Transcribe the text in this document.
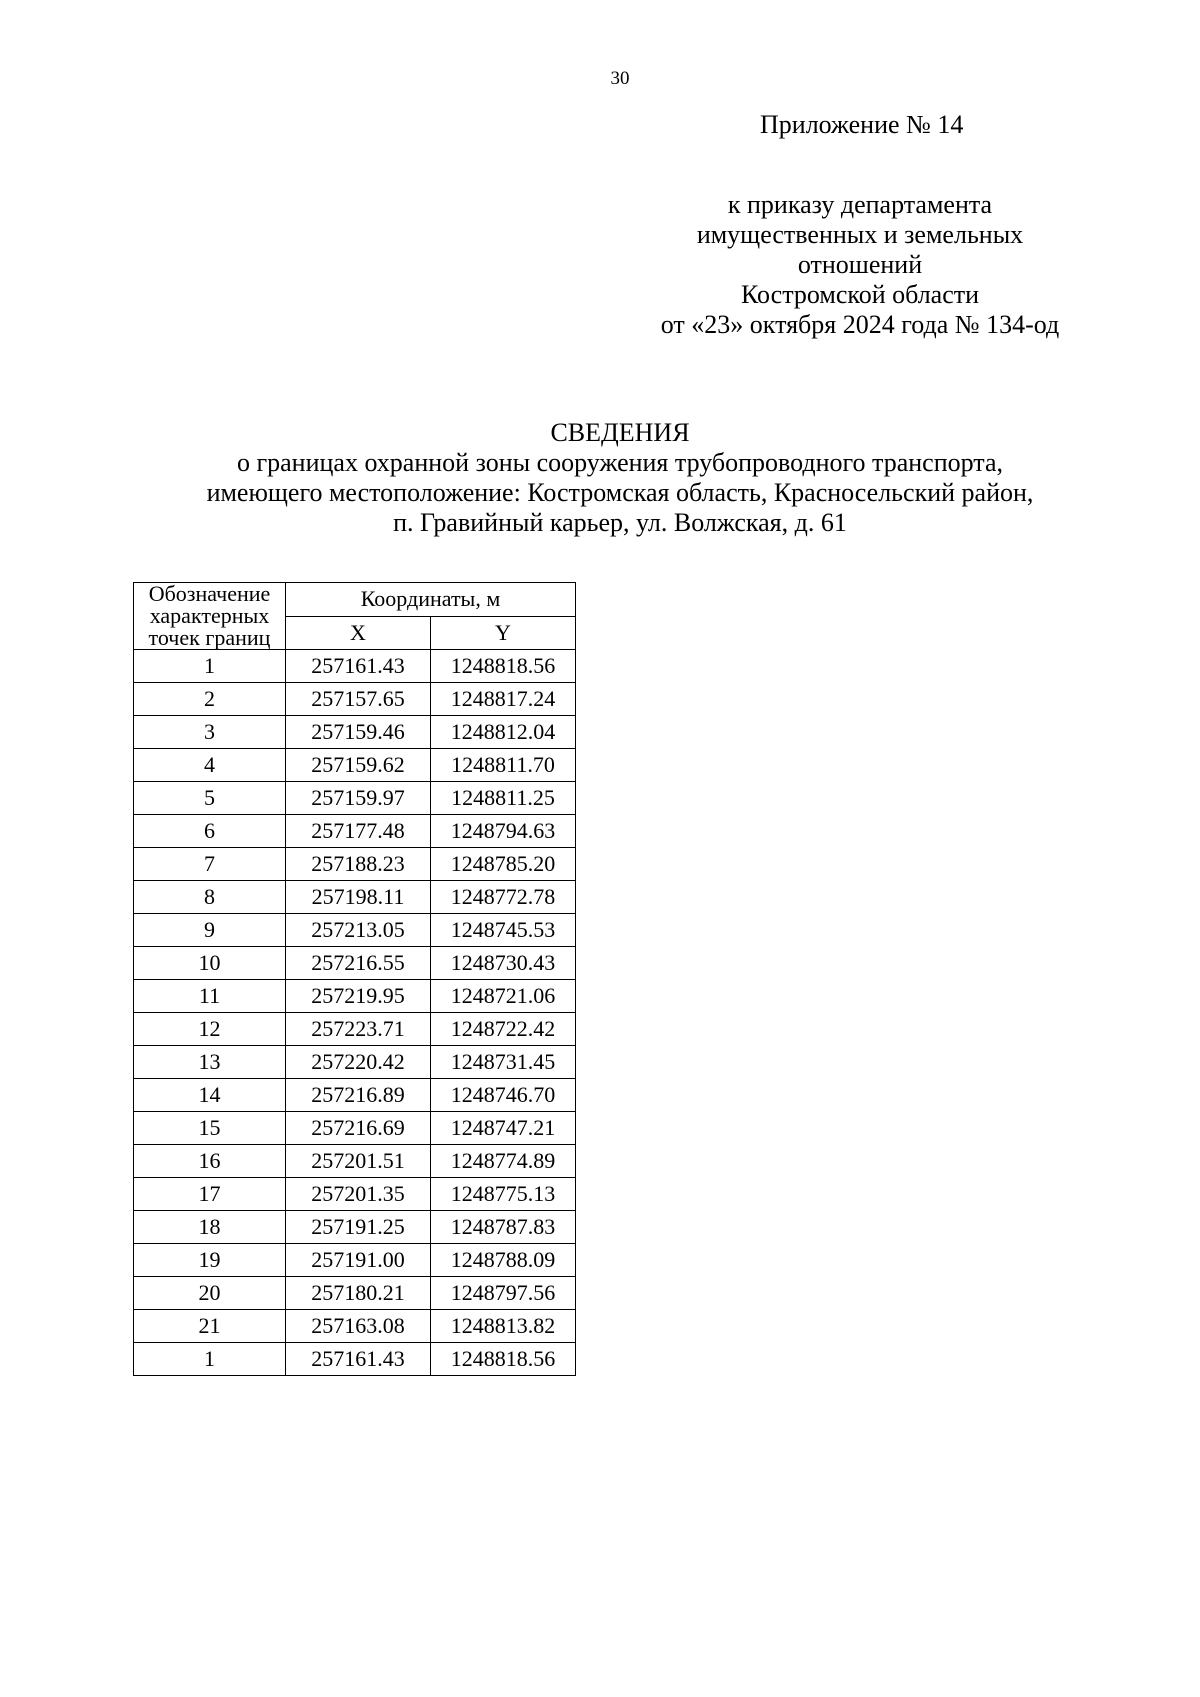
30
Приложение № 14
к приказу департамента
имущественных и земельных
отношений
Костромской области
от «23» октября 2024 года № 134-од
СВЕДЕНИЯ
о границах охранной зоны сооружения трубопроводного транспорта,
имеющего местоположение: Костромская область, Красносельский район,
п. Гравийный карьер, ул. Волжская, д. 61
Обозначение
характерных
точек границ	Координаты, м	
	X	Y
1	257161.43	1248818.56
2	257157.65	1248817.24
3	257159.46	1248812.04
4	257159.62	1248811.70
5	257159.97	1248811.25
6	257177.48	1248794.63
7	257188.23	1248785.20
8	257198.11	1248772.78
9	257213.05	1248745.53
10	257216.55	1248730.43
11	257219.95	1248721.06
12	257223.71	1248722.42
13	257220.42	1248731.45
14	257216.89	1248746.70
15	257216.69	1248747.21
16	257201.51	1248774.89
17	257201.35	1248775.13
18	257191.25	1248787.83
19	257191.00	1248788.09
20	257180.21	1248797.56
21	257163.08	1248813.82
1	257161.43	1248818.56
